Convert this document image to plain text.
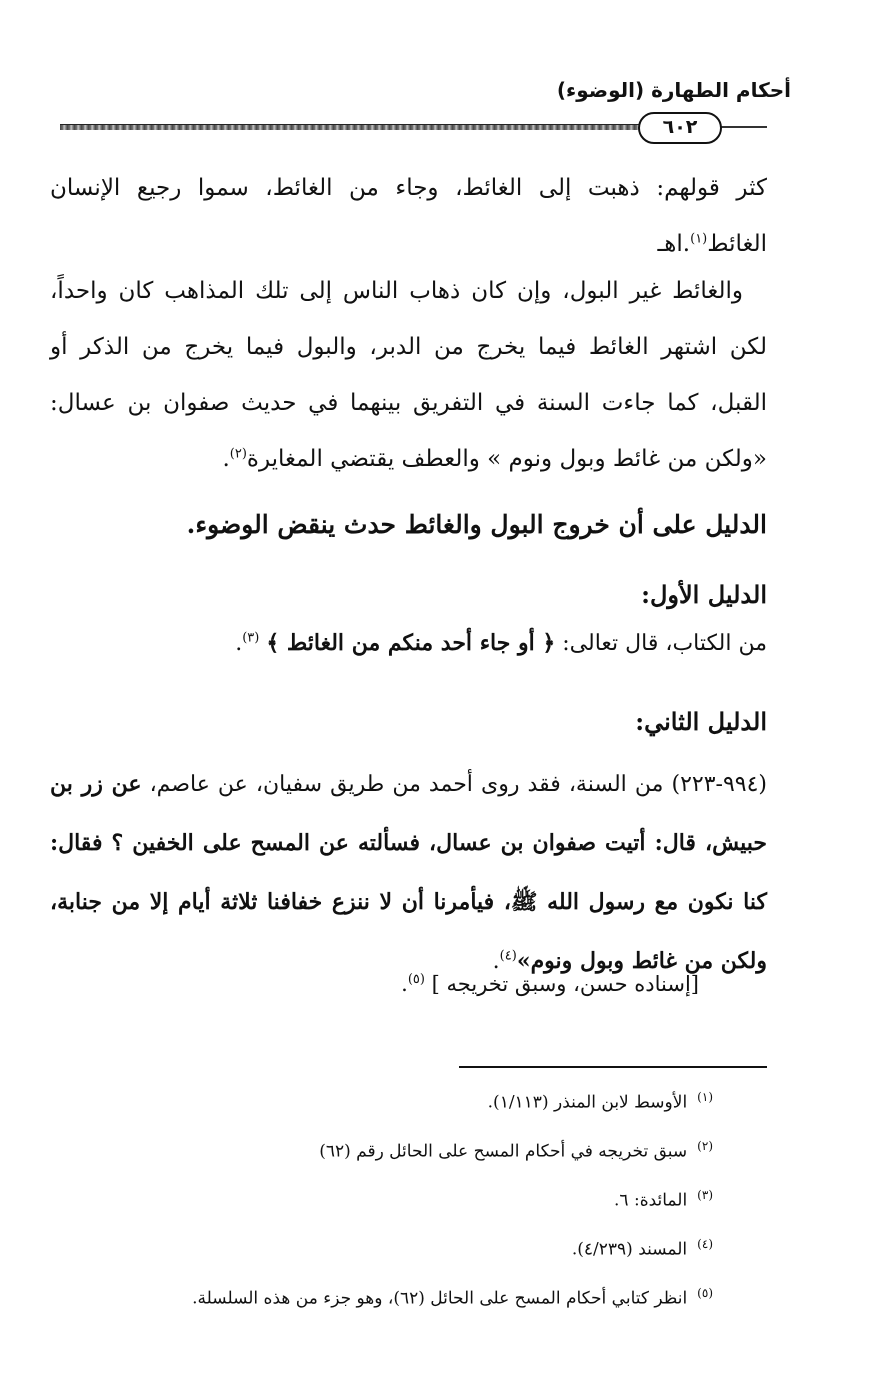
أحكام الطهارة (الوضوء)
٦٠٢
كثر قولهم: ذهبت إلى الغائط، وجاء من الغائط، سموا رجيع الإنسان الغائط$^{(١)}$.اهـ
والغائط غير البول، وإن كان ذهاب الناس إلى تلك المذاهب كان واحداً، لكن اشتهر الغائط فيما يخرج من الدبر، والبول فيما يخرج من الذكر أو القبل، كما جاءت السنة في التفريق بينهما في حديث صفوان بن عسال: «ولكن من غائط وبول ونوم » والعطف يقتضي المغايرة$^{(٢)}$.
الدليل على أن خروج البول والغائط حدث ينقض الوضوء.
الدليل الأول:
من الكتاب، قال تعالى: ﴿ أو جاء أحد منكم من الغائط ﴾ $^{(٣)}$.
الدليل الثاني:
(٩٩٤-٢٢٣) من السنة، فقد روى أحمد من طريق سفيان، عن عاصم، عن زر بن حبيش، قال: أتيت صفوان بن عسال، فسألته عن المسح على الخفين ؟ فقال: كنا نكون مع رسول الله ﷺ، فيأمرنا أن لا ننزع خفافنا ثلاثة أيام إلا من جنابة، ولكن من غائط وبول ونوم»$^{(٤)}$.
[إسناده حسن، وسبق تخريجه ] $^{(٥)}$.
$^{(١)}$الأوسط لابن المنذر (١/١١٣).
$^{(٢)}$سبق تخريجه في أحكام المسح على الحائل رقم (٦٢)
$^{(٣)}$المائدة: ٦.
$^{(٤)}$المسند (٤/٢٣٩).
$^{(٥)}$انظر كتابي أحكام المسح على الحائل (٦٢)، وهو جزء من هذه السلسلة.
